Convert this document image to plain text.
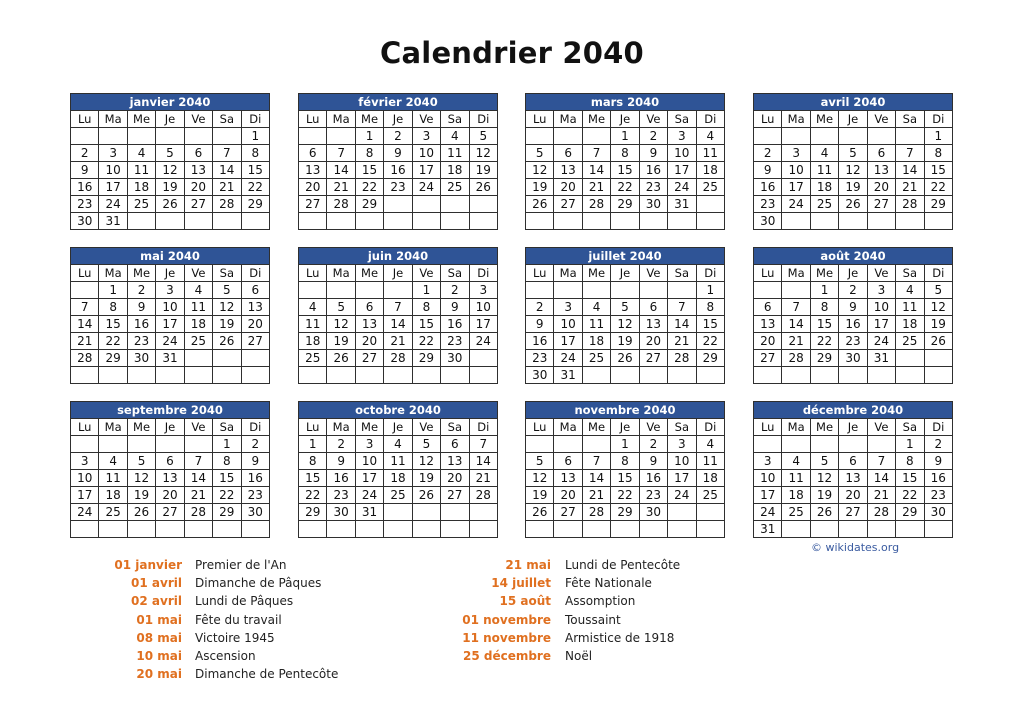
Calendrier 2040
janvier 2040						
Lu	Ma	Me	Je	Ve	Sa	Di
						1
2	3	4	5	6	7	8
9	10	11	12	13	14	15
16	17	18	19	20	21	22
23	24	25	26	27	28	29
30	31					
février 2040						
Lu	Ma	Me	Je	Ve	Sa	Di
		1	2	3	4	5
6	7	8	9	10	11	12
13	14	15	16	17	18	19
20	21	22	23	24	25	26
27	28	29				

mars 2040						
Lu	Ma	Me	Je	Ve	Sa	Di
			1	2	3	4
5	6	7	8	9	10	11
12	13	14	15	16	17	18
19	20	21	22	23	24	25
26	27	28	29	30	31	

avril 2040						
Lu	Ma	Me	Je	Ve	Sa	Di
						1
2	3	4	5	6	7	8
9	10	11	12	13	14	15
16	17	18	19	20	21	22
23	24	25	26	27	28	29
30						
mai 2040						
Lu	Ma	Me	Je	Ve	Sa	Di
	1	2	3	4	5	6
7	8	9	10	11	12	13
14	15	16	17	18	19	20
21	22	23	24	25	26	27
28	29	30	31			

juin 2040						
Lu	Ma	Me	Je	Ve	Sa	Di
				1	2	3
4	5	6	7	8	9	10
11	12	13	14	15	16	17
18	19	20	21	22	23	24
25	26	27	28	29	30	

juillet 2040						
Lu	Ma	Me	Je	Ve	Sa	Di
						1
2	3	4	5	6	7	8
9	10	11	12	13	14	15
16	17	18	19	20	21	22
23	24	25	26	27	28	29
30	31					
août 2040						
Lu	Ma	Me	Je	Ve	Sa	Di
		1	2	3	4	5
6	7	8	9	10	11	12
13	14	15	16	17	18	19
20	21	22	23	24	25	26
27	28	29	30	31		

septembre 2040						
Lu	Ma	Me	Je	Ve	Sa	Di
					1	2
3	4	5	6	7	8	9
10	11	12	13	14	15	16
17	18	19	20	21	22	23
24	25	26	27	28	29	30

octobre 2040						
Lu	Ma	Me	Je	Ve	Sa	Di
1	2	3	4	5	6	7
8	9	10	11	12	13	14
15	16	17	18	19	20	21
22	23	24	25	26	27	28
29	30	31				

novembre 2040						
Lu	Ma	Me	Je	Ve	Sa	Di
			1	2	3	4
5	6	7	8	9	10	11
12	13	14	15	16	17	18
19	20	21	22	23	24	25
26	27	28	29	30		

décembre 2040						
Lu	Ma	Me	Je	Ve	Sa	Di
					1	2
3	4	5	6	7	8	9
10	11	12	13	14	15	16
17	18	19	20	21	22	23
24	25	26	27	28	29	30
31						
© wikidates.org
01 janvier Premier de l'An
01 avril Dimanche de Pâques
02 avril Lundi de Pâques
01 mai Fête du travail
08 mai Victoire 1945
10 mai Ascension
20 mai Dimanche de Pentecôte
21 mai Lundi de Pentecôte
14 juillet Fête Nationale
15 août Assomption
01 novembre Toussaint
11 novembre Armistice de 1918
25 décembre Noël
